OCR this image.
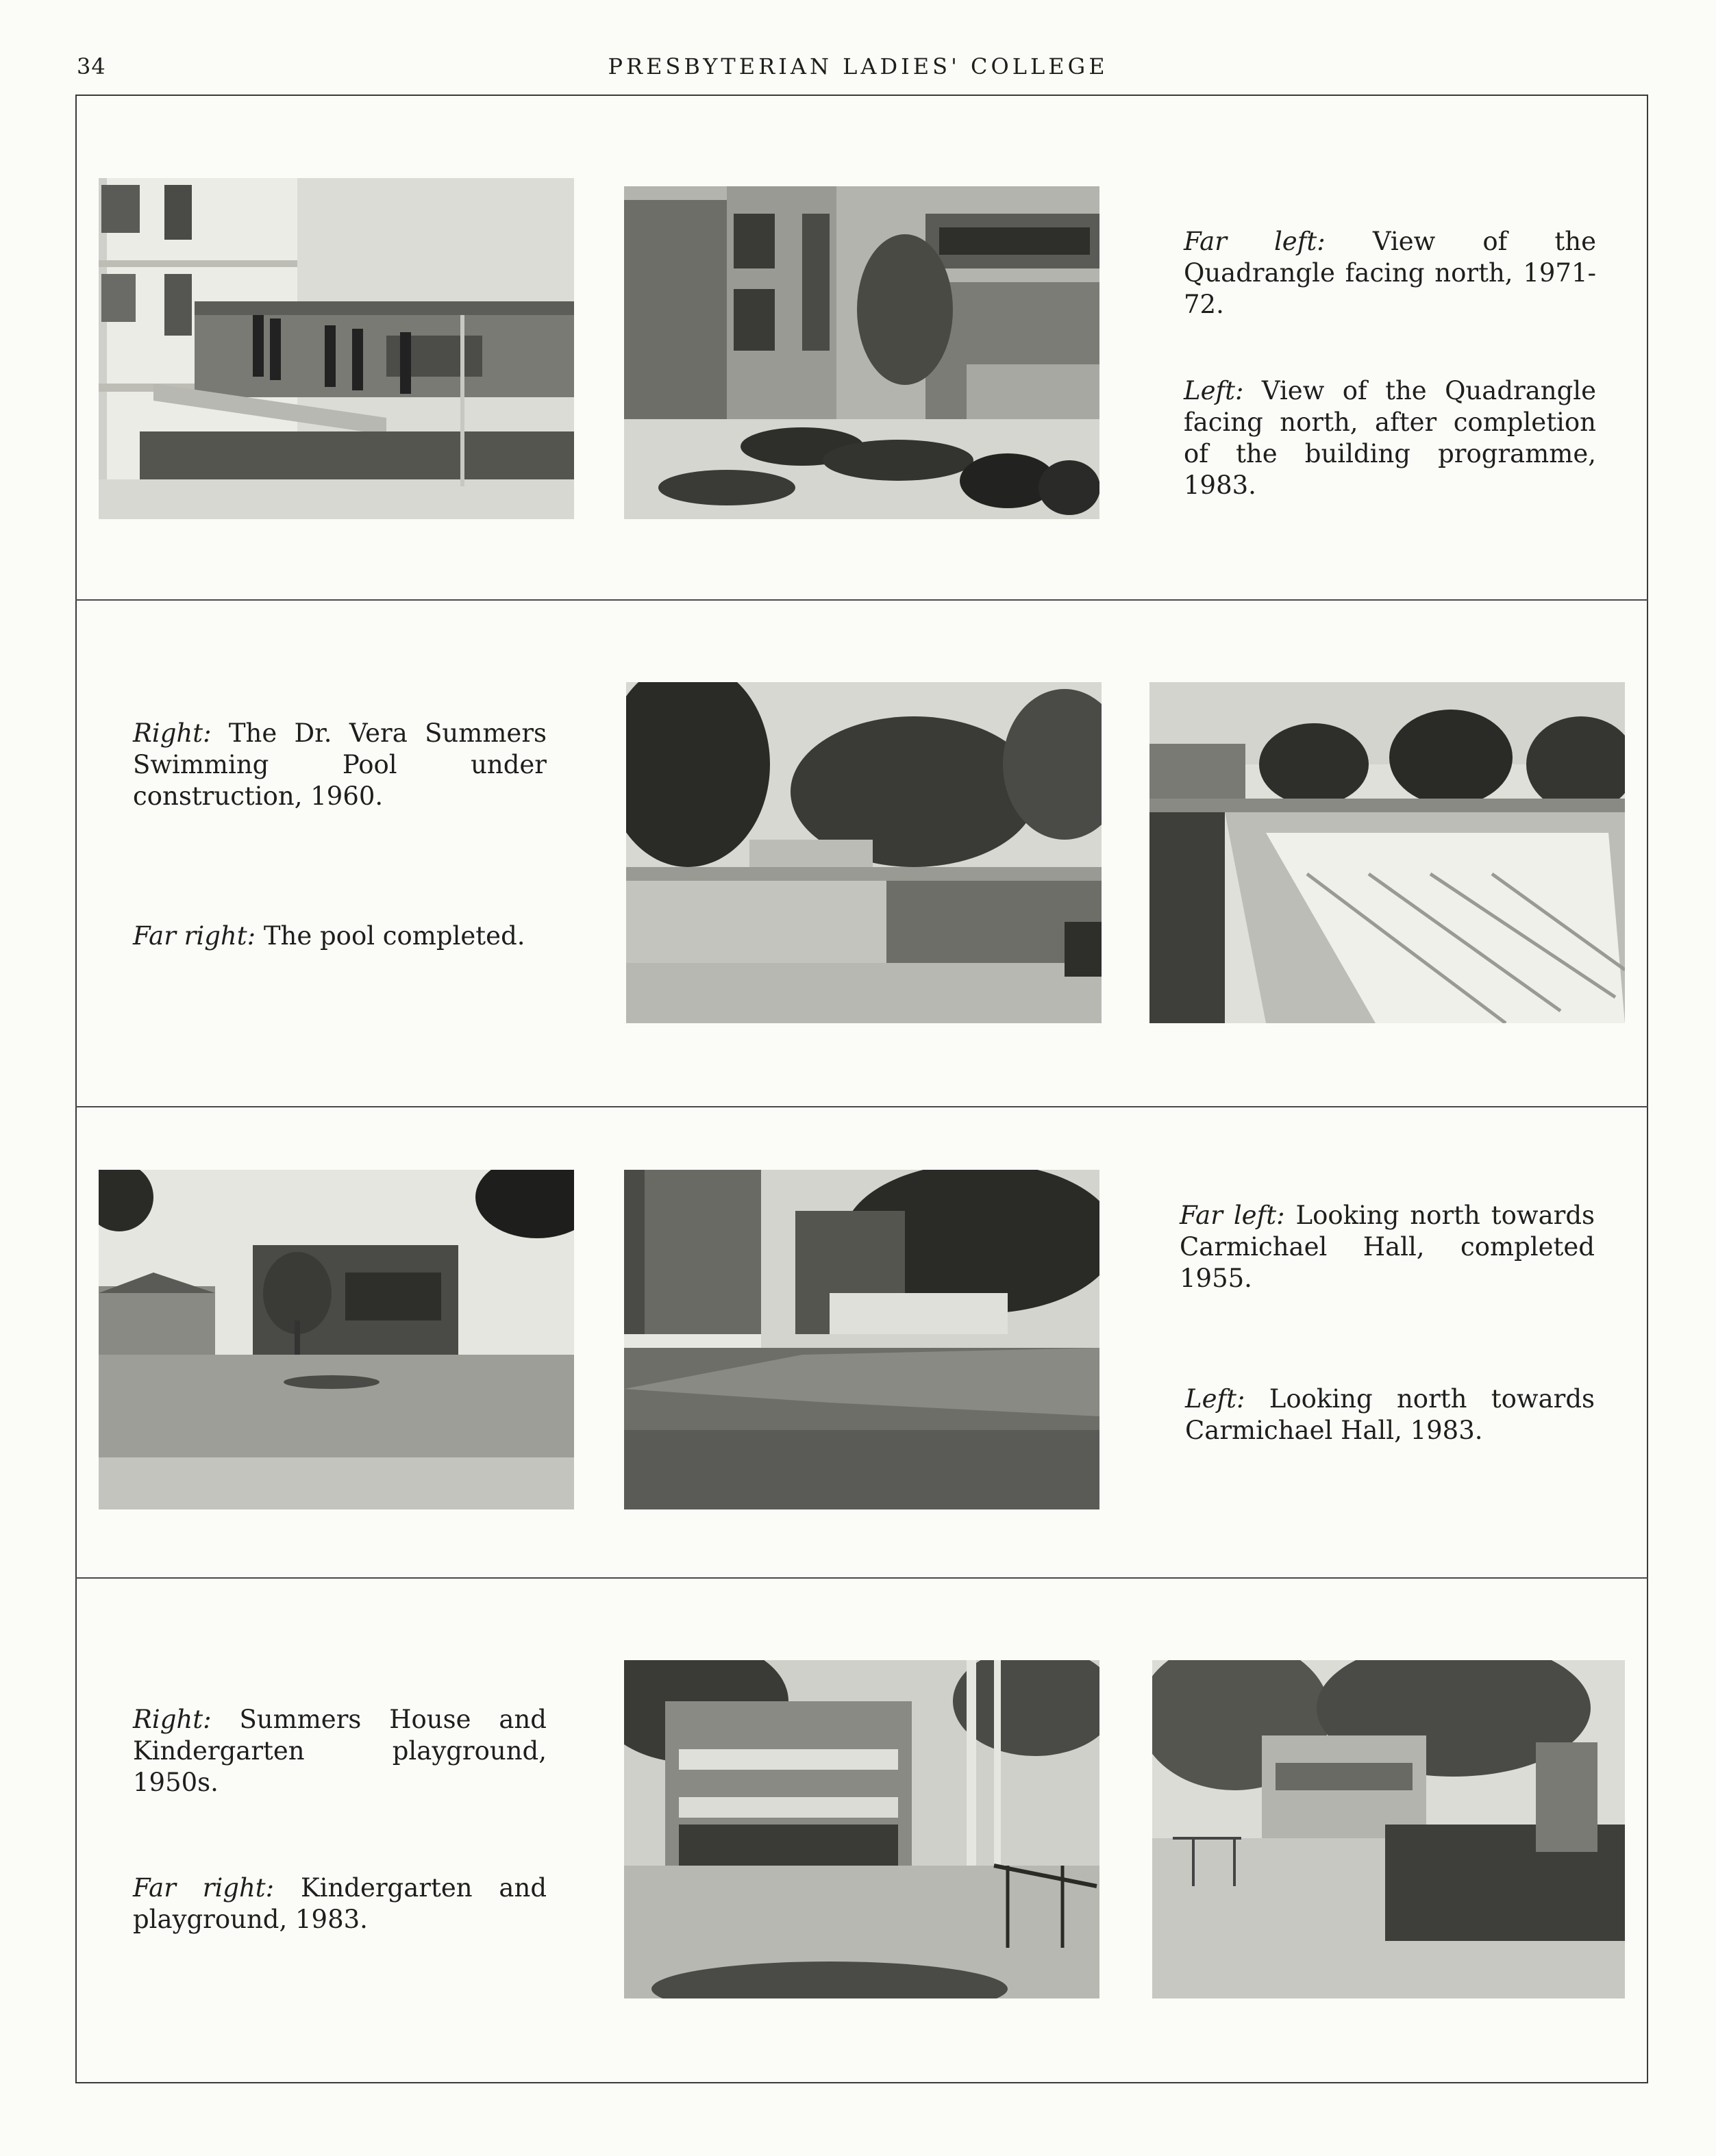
34	PRESBYTERIAN LADIES' COLLEGE

Far left: View of the Quadrangle facing north, 1971-72.

Left: View of the Quadrangle facing north, after completion of the building programme, 1983.

Right: The Dr. Vera Summers Swimming Pool under construction, 1960.

Far right: The pool completed.

Far left: Looking north towards Carmichael Hall, completed 1955.

Left: Looking north towards Carmichael Hall, 1983.

Right: Summers House and Kindergarten playground, 1950s.

Far right: Kindergarten and playground, 1983.
